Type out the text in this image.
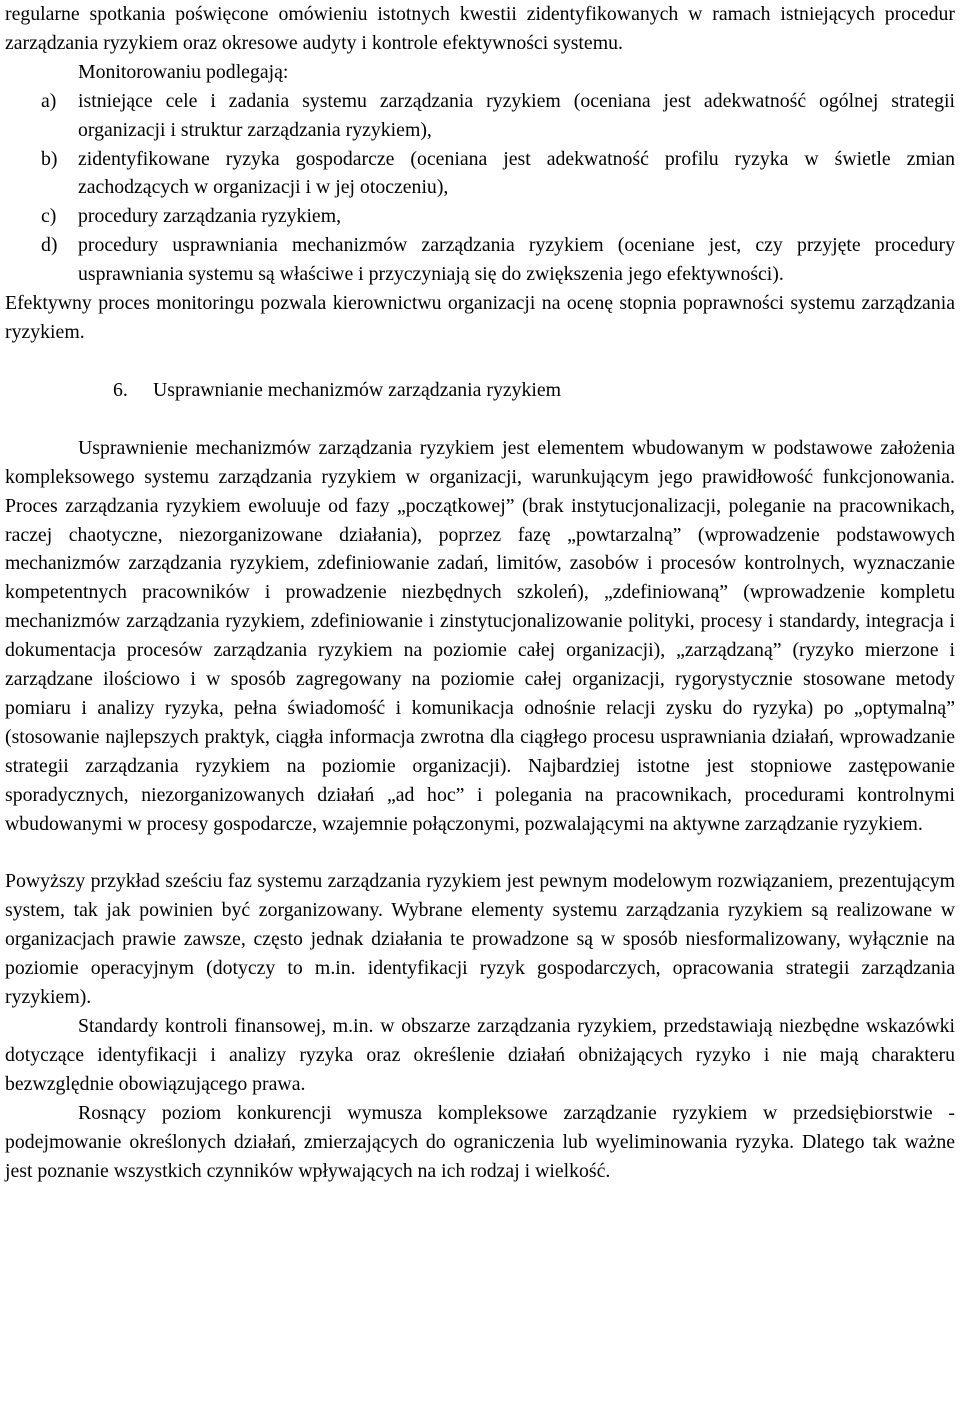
regularne spotkania poświęcone omówieniu istotnych kwestii zidentyfikowanych w ramach istniejących procedur zarządzania ryzykiem oraz okresowe audyty i kontrole efektywności systemu.

Monitorowaniu podlegają:

a) istniejące cele i zadania systemu zarządzania ryzykiem (oceniana jest adekwatność ogólnej strategii organizacji i struktur zarządzania ryzykiem),
b) zidentyfikowane ryzyka gospodarcze (oceniana jest adekwatność profilu ryzyka w świetle zmian zachodzących w organizacji i w jej otoczeniu),
c) procedury zarządzania ryzykiem,
d) procedury usprawniania mechanizmów zarządzania ryzykiem (oceniane jest, czy przyjęte procedury usprawniania systemu są właściwe i przyczyniają się do zwiększenia jego efektywności).

Efektywny proces monitoringu pozwala kierownictwu organizacji na ocenę stopnia poprawności systemu zarządzania ryzykiem.

6. Usprawnianie mechanizmów zarządzania ryzykiem

Usprawnienie mechanizmów zarządzania ryzykiem jest elementem wbudowanym w podstawowe założenia kompleksowego systemu zarządzania ryzykiem w organizacji, warunkującym jego prawidłowość funkcjonowania. Proces zarządzania ryzykiem ewoluuje od fazy „początkowej” (brak instytucjonalizacji, poleganie na pracownikach, raczej chaotyczne, niezorganizowane działania), poprzez fazę „powtarzalną” (wprowadzenie podstawowych mechanizmów zarządzania ryzykiem, zdefiniowanie zadań, limitów, zasobów i procesów kontrolnych, wyznaczanie kompetentnych pracowników i prowadzenie niezbędnych szkoleń), „zdefiniowaną” (wprowadzenie kompletu mechanizmów zarządzania ryzykiem, zdefiniowanie i zinstytucjonalizowanie polityki, procesy i standardy, integracja i dokumentacja procesów zarządzania ryzykiem na poziomie całej organizacji), „zarządzaną” (ryzyko mierzone i zarządzane ilościowo i w sposób zagregowany na poziomie całej organizacji, rygorystycznie stosowane metody pomiaru i analizy ryzyka, pełna świadomość i komunikacja odnośnie relacji zysku do ryzyka) po „optymalną” (stosowanie najlepszych praktyk, ciągła informacja zwrotna dla ciągłego procesu usprawniania działań, wprowadzanie strategii zarządzania ryzykiem na poziomie organizacji). Najbardziej istotne jest stopniowe zastępowanie sporadycznych, niezorganizowanych działań „ad hoc” i polegania na pracownikach, procedurami kontrolnymi wbudowanymi w procesy gospodarcze, wzajemnie połączonymi, pozwalającymi na aktywne zarządzanie ryzykiem.

Powyższy przykład sześciu faz systemu zarządzania ryzykiem jest pewnym modelowym rozwiązaniem, prezentującym system, tak jak powinien być zorganizowany. Wybrane elementy systemu zarządzania ryzykiem są realizowane w organizacjach prawie zawsze, często jednak działania te prowadzone są w sposób niesformalizowany, wyłącznie na poziomie operacyjnym (dotyczy to m.in. identyfikacji ryzyk gospodarczych, opracowania strategii zarządzania ryzykiem).

Standardy kontroli finansowej, m.in. w obszarze zarządzania ryzykiem, przedstawiają niezbędne wskazówki dotyczące identyfikacji i analizy ryzyka oraz określenie działań obniżających ryzyko i nie mają charakteru bezwzględnie obowiązującego prawa.

Rosnący poziom konkurencji wymusza kompleksowe zarządzanie ryzykiem w przedsiębiorstwie - podejmowanie określonych działań, zmierzających do ograniczenia lub wyeliminowania ryzyka. Dlatego tak ważne jest poznanie wszystkich czynników wpływających na ich rodzaj i wielkość.
